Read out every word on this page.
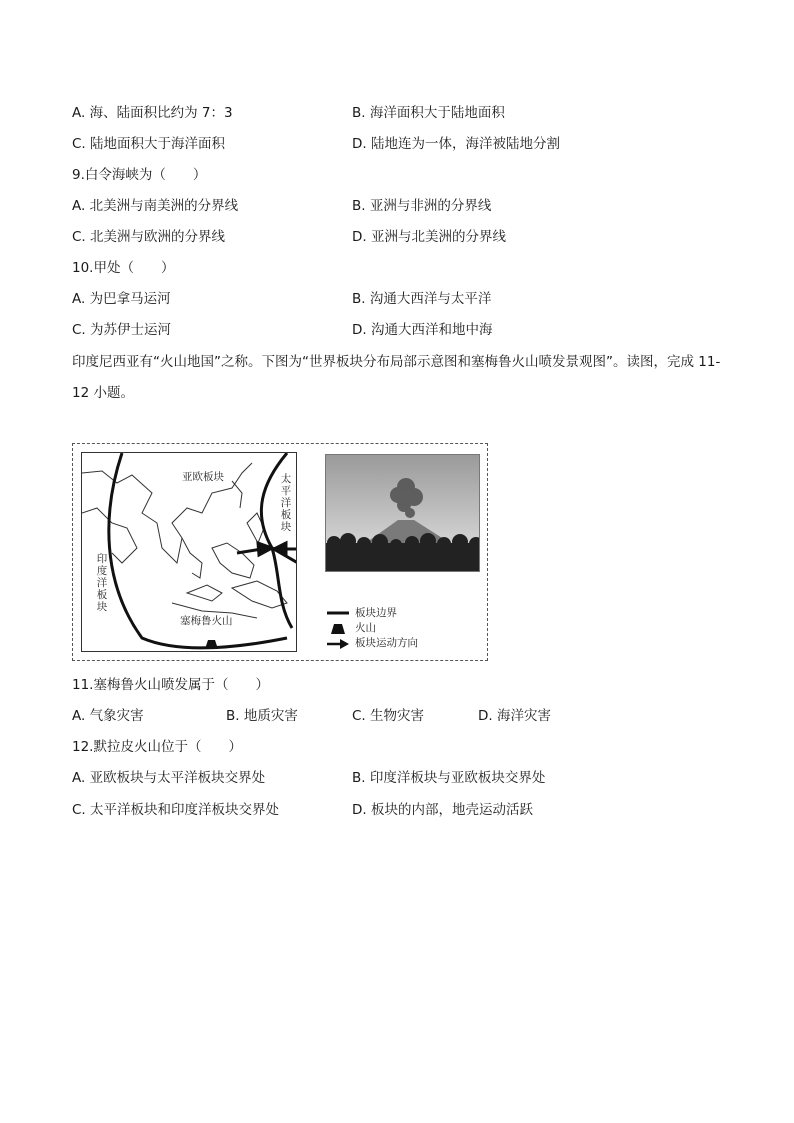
A. 海、陆面积比约为 7：3	B. 海洋面积大于陆地面积
C. 陆地面积大于海洋面积	D. 陆地连为一体，海洋被陆地分割
9.白令海峡为（　　）
A. 北美洲与南美洲的分界线	B. 亚洲与非洲的分界线
C. 北美洲与欧洲的分界线	D. 亚洲与北美洲的分界线
10.甲处（　　）
A. 为巴拿马运河	B. 沟通大西洋与太平洋
C. 为苏伊士运河	D. 沟通大西洋和地中海
印度尼西亚有“火山地国”之称。下图为“世界板块分布局部示意图和塞梅鲁火山喷发景观图”。读图，完成 11-12 小题。
亚欧板块	太平洋板块
印度洋板块
塞梅鲁火山
板块边界
火山
板块运动方向
11.塞梅鲁火山喷发属于（　　）
A. 气象灾害	B. 地质灾害	C. 生物灾害	D. 海洋灾害
12.默拉皮火山位于（　　）
A. 亚欧板块与太平洋板块交界处	B. 印度洋板块与亚欧板块交界处
C. 太平洋板块和印度洋板块交界处	D. 板块的内部，地壳运动活跃
